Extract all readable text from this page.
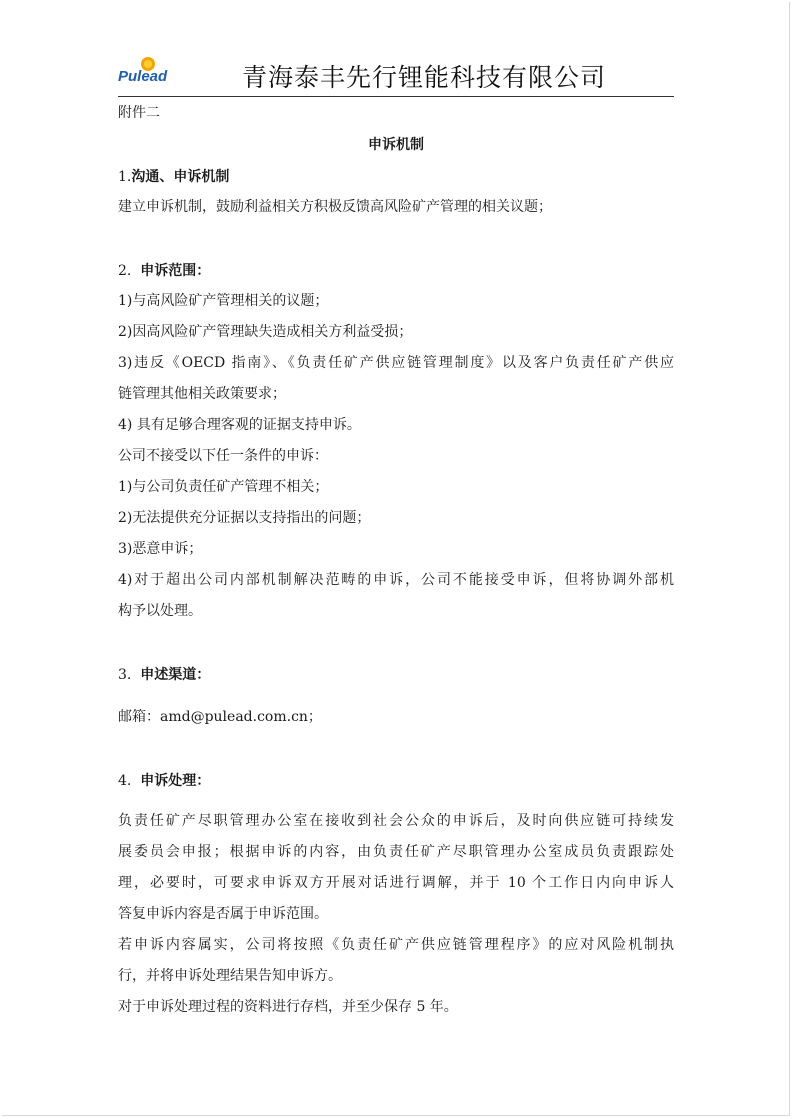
Pulead	青海泰丰先行锂能科技有限公司
附件二
申诉机制
1.沟通、申诉机制
建立申诉机制，鼓励利益相关方积极反馈高风险矿产管理的相关议题；
2. 申诉范围：
1)与高风险矿产管理相关的议题；
2)因高风险矿产管理缺失造成相关方利益受损；
3)违反《OECD 指南》、《负责任矿产供应链管理制度》以及客户负责任矿产供应
链管理其他相关政策要求；
4) 具有足够合理客观的证据支持申诉。
公司不接受以下任一条件的申诉：
1)与公司负责任矿产管理不相关；
2)无法提供充分证据以支持指出的问题；
3)恶意申诉；
4)对于超出公司内部机制解决范畴的申诉，公司不能接受申诉，但将协调外部机
构予以处理。
3. 申述渠道：
邮箱：amd@pulead.com.cn；
4. 申诉处理：
负责任矿产尽职管理办公室在接收到社会公众的申诉后，及时向供应链可持续发
展委员会申报；根据申诉的内容，由负责任矿产尽职管理办公室成员负责跟踪处
理，必要时，可要求申诉双方开展对话进行调解，并于 10 个工作日内向申诉人
答复申诉内容是否属于申诉范围。
若申诉内容属实，公司将按照《负责任矿产供应链管理程序》的应对风险机制执
行，并将申诉处理结果告知申诉方。
对于申诉处理过程的资料进行存档，并至少保存 5 年。
